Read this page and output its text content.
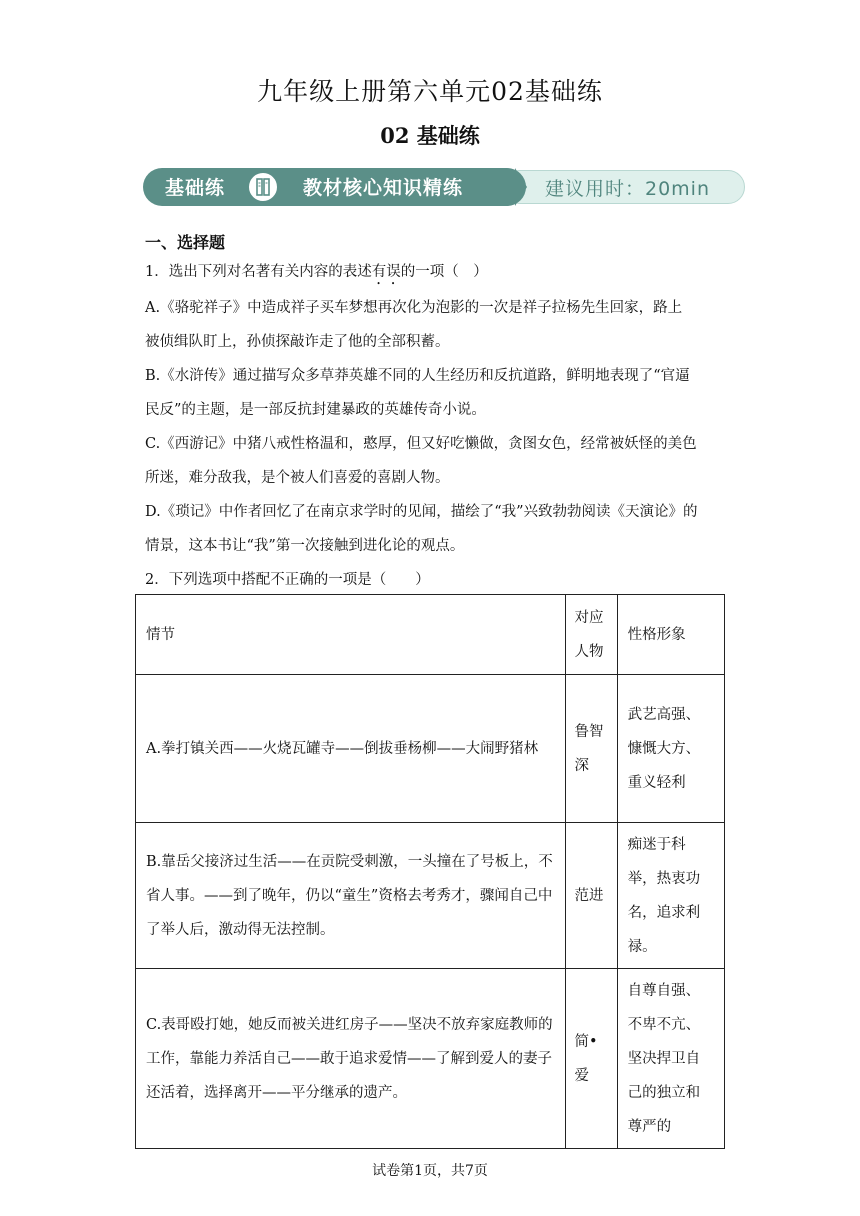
九年级上册第六单元02基础练
02 基础练
基础练	教材核心知识精练	建议用时：20min
一、选择题
1．选出下列对名著有关内容的表述有误的一项（　）
A.《骆驼祥子》中造成祥子买车梦想再次化为泡影的一次是祥子拉杨先生回家，路上
被侦缉队盯上，孙侦探敲诈走了他的全部积蓄。
B.《水浒传》通过描写众多草莽英雄不同的人生经历和反抗道路，鲜明地表现了“官逼
民反”的主题，是一部反抗封建暴政的英雄传奇小说。
C.《西游记》中猪八戒性格温和，憨厚，但又好吃懒做，贪图女色，经常被妖怪的美色
所迷，难分敌我，是个被人们喜爱的喜剧人物。
D.《琐记》中作者回忆了在南京求学时的见闻，描绘了“我”兴致勃勃阅读《天演论》的
情景，这本书让“我”第一次接触到进化论的观点。
2．下列选项中搭配不正确的一项是（　　）
情节	对应人物	性格形象
A.拳打镇关西——火烧瓦罐寺——倒拔垂杨柳——大闹野猪林	鲁智深	武艺高强、慷慨大方、重义轻利
B.靠岳父接济过生活——在贡院受刺激，一头撞在了号板上，不省人事。——到了晚年，仍以“童生”资格去考秀才，骤闻自己中了举人后，激动得无法控制。	范进	痴迷于科举，热衷功名，追求利禄。
C.表哥殴打她，她反而被关进红房子——坚决不放弃家庭教师的工作，靠能力养活自己——敢于追求爱情——了解到爱人的妻子还活着，选择离开——平分继承的遗产。	简•爱	自尊自强、不卑不亢、坚决捍卫自己的独立和尊严的
试卷第1页，共7页
